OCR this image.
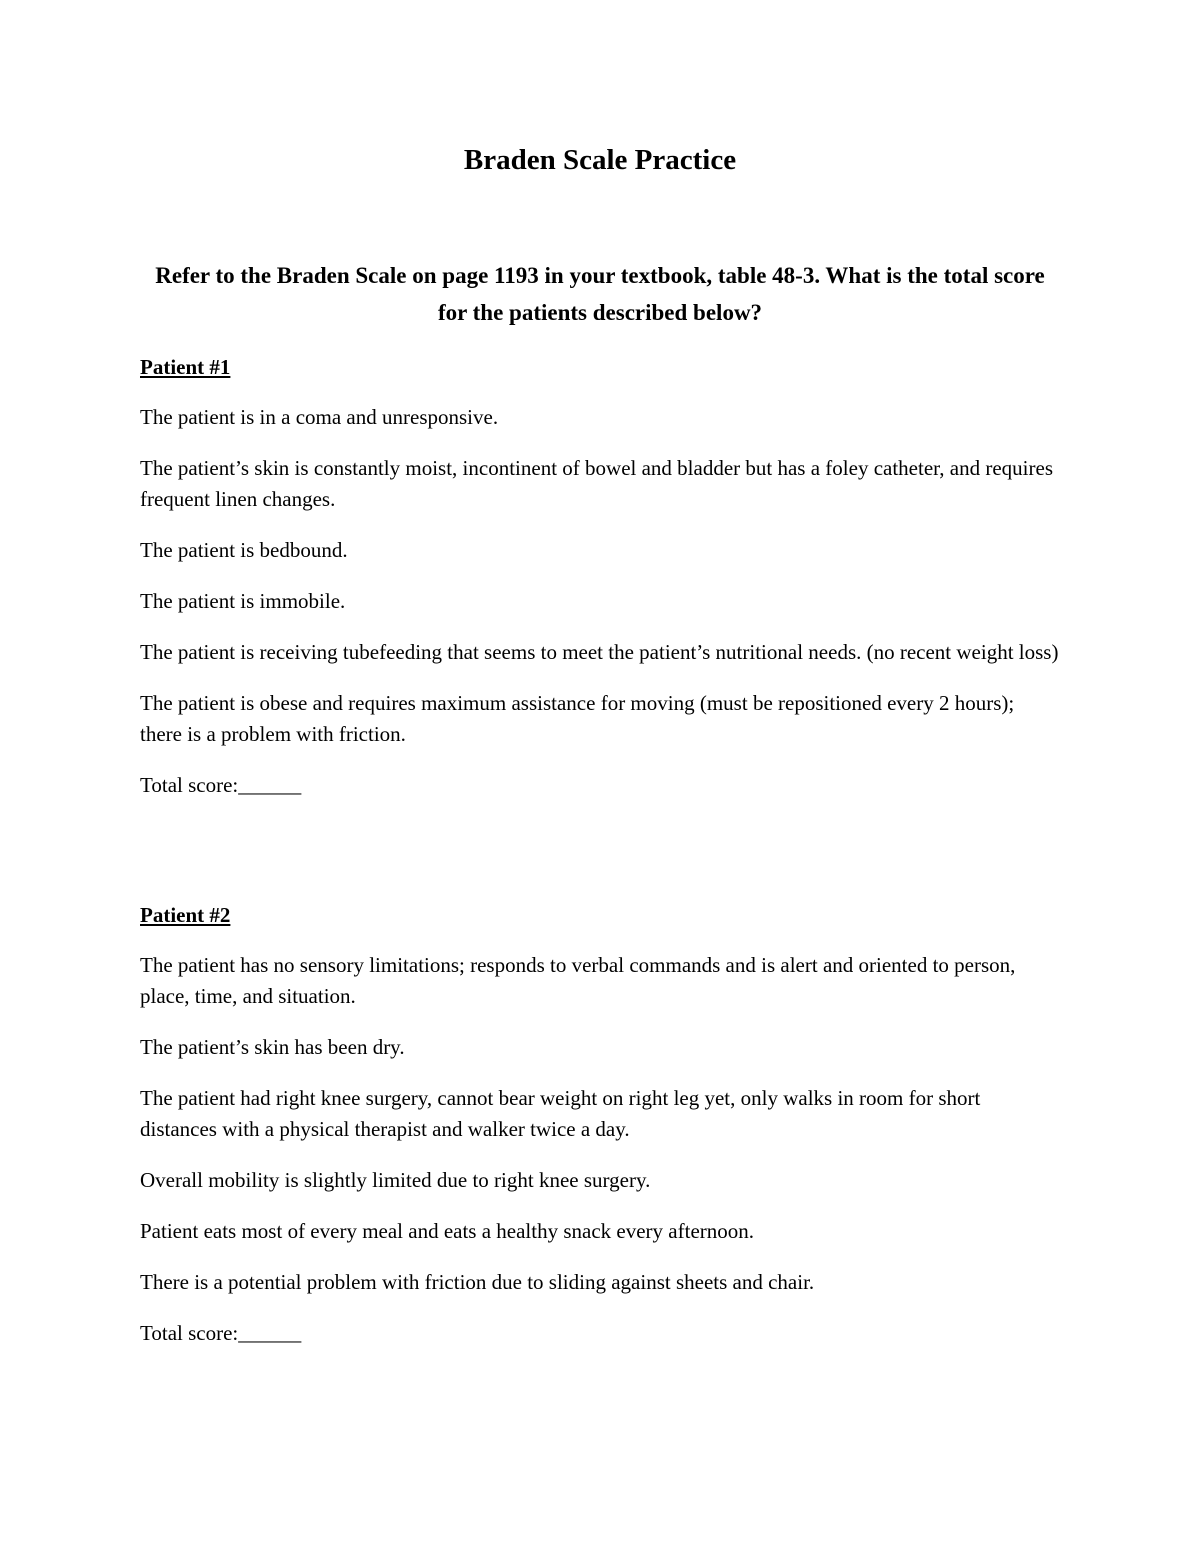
Braden Scale Practice

Refer to the Braden Scale on page 1193 in your textbook, table 48-3. What is the total score for the patients described below?

Patient #1

The patient is in a coma and unresponsive.

The patient’s skin is constantly moist, incontinent of bowel and bladder but has a foley catheter, and requires frequent linen changes.

The patient is bedbound.

The patient is immobile.

The patient is receiving tubefeeding that seems to meet the patient’s nutritional needs. (no recent weight loss)

The patient is obese and requires maximum assistance for moving (must be repositioned every 2 hours); there is a problem with friction.

Total score:______

Patient #2

The patient has no sensory limitations; responds to verbal commands and is alert and oriented to person, place, time, and situation.

The patient’s skin has been dry.

The patient had right knee surgery, cannot bear weight on right leg yet, only walks in room for short distances with a physical therapist and walker twice a day.

Overall mobility is slightly limited due to right knee surgery.

Patient eats most of every meal and eats a healthy snack every afternoon.

There is a potential problem with friction due to sliding against sheets and chair.

Total score:______
